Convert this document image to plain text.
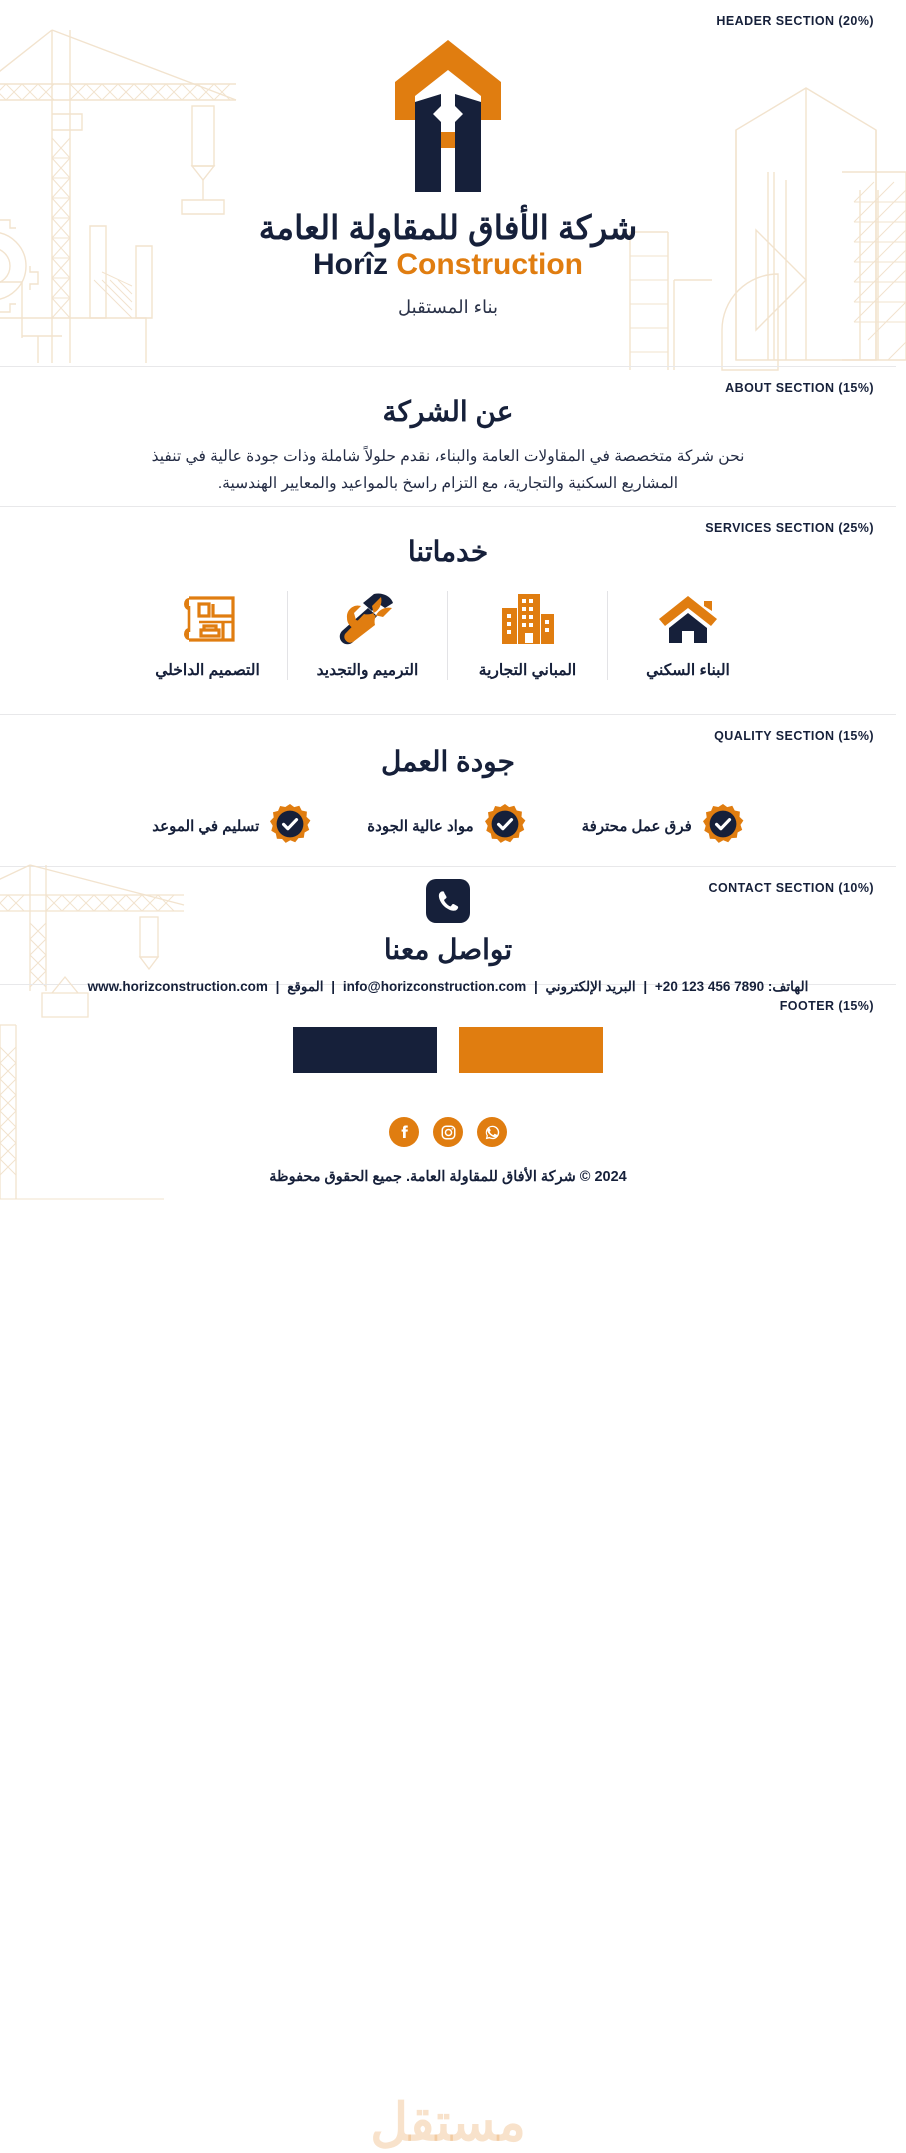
HEADER SECTION (20%)
شركة الأفاق للمقاولة العامة
Horîz Construction
بناء المستقبل
ABOUT SECTION (15%)
عن الشركة

نحن شركة متخصصة في المقاولات العامة والبناء، نقدم حلولاً شاملة وذات جودة عالية في تنفيذ المشاريع السكنية والتجارية، مع التزام راسخ بالمواعيد والمعايير الهندسية.

SERVICES SECTION (25%)
خدماتنا
البناء السكني
المباني التجارية
الترميم والتجديد
التصميم الداخلي
QUALITY SECTION (15%)
جودة العمل
فرق عمل محترفة
مواد عالية الجودة
تسليم في الموعد
CONTACT SECTION (10%)
تواصل معنا
الهاتف: +20 123 456 7890 | البريد الإلكتروني | info@horizconstruction.com | الموقع | www.horizconstruction.com
FOOTER (15%)
مستقل
2024 © شركة الأفاق للمقاولة العامة. جميع الحقوق محفوظة
